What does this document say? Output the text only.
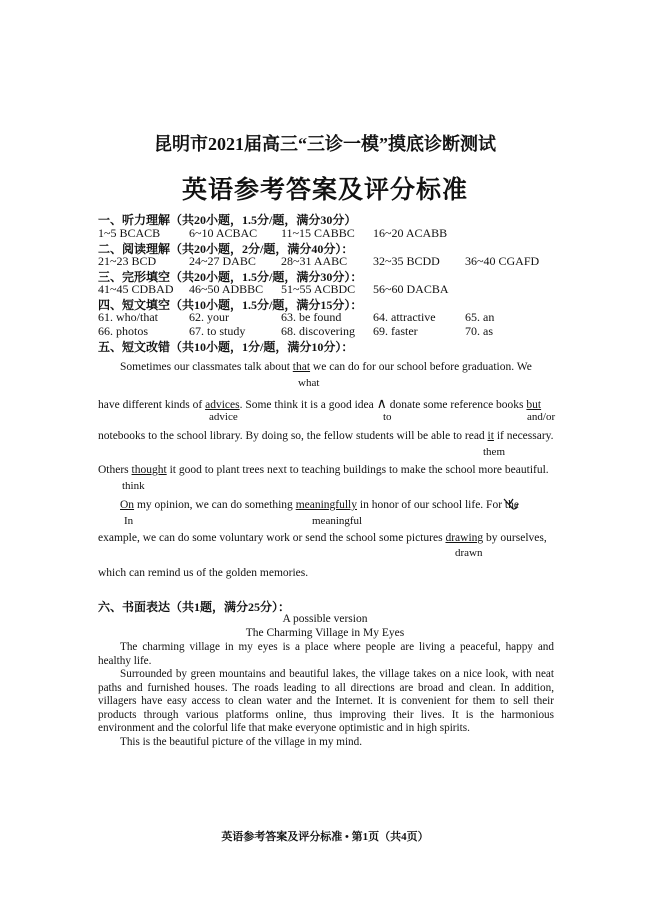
昆明市2021届高三“三诊一模”摸底诊断测试
英语参考答案及评分标准
一、听力理解（共20小题，1.5分/题，满分30分）
1~5 BCACB 6~10 ACBAC 11~15 CABBC 16~20 ACABB
二、阅读理解（共20小题，2分/题，满分40分）：
21~23 BCD	24~27 DABC 28~31 AABC 32~35 BCDD 36~40 CGAFD
三、完形填空（共20小题，1.5分/题，满分30分）：
41~45 CDBAD 46~50 ADBBC 51~55 ACBDC 56~60 DACBA
四、短文填空（共10小题，1.5分/题，满分15分）：
61. who/that	62. your	63. be found	64. attractive 65. an
66. photos	67. to study	68. discovering 69. faster	70. as
五、短文改错（共10小题，1分/题，满分10分）：
Sometimes our classmates talk about that we can do for our school before graduation. We
what
have different kinds of advices. Some think it is a good idea ∧ donate some reference books but
advice	to	and/or
notebooks to the school library. By doing so, the fellow students will be able to read it if necessary.
them
Others thought it good to plant trees next to teaching buildings to make the school more beautiful.
think
On my opinion, we can do something meaningfully in honor of our school life. For the
In	meaningful
example, we can do some voluntary work or send the school some pictures drawing by ourselves,
drawn
which can remind us of the golden memories.
六、书面表达（共1题，满分25分）：
A possible version
The Charming Village in My Eyes
The charming village in my eyes is a place where people are living a peaceful, happy and healthy life.
Surrounded by green mountains and beautiful lakes, the village takes on a nice look, with neat paths and furnished houses. The roads leading to all directions are broad and clean. In addition, villagers have easy access to clean water and the Internet. It is convenient for them to sell their products through various platforms online, thus improving their lives. It is the harmonious environment and the colorful life that make everyone optimistic and in high spirits.
This is the beautiful picture of the village in my mind.
英语参考答案及评分标准 • 第1页（共4页）
